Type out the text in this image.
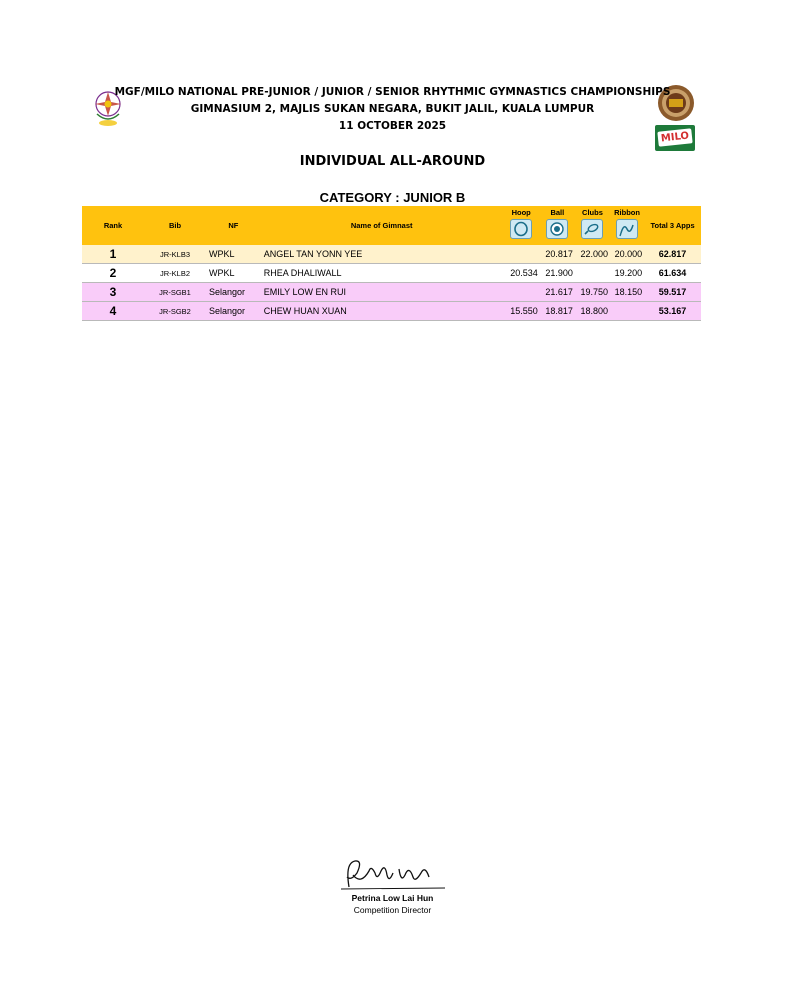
MILO
MGF/MILO NATIONAL PRE-JUNIOR / JUNIOR / SENIOR RHYTHMIC GYMNASTICS CHAMPIONSHIPS
GIMNASIUM 2, MAJLIS SUKAN NEGARA, BUKIT JALIL, KUALA LUMPUR
11 OCTOBER 2025
INDIVIDUAL ALL-AROUND
CATEGORY : JUNIOR B
Rank	Bib	NF	Name of Gimnast	Hoop	Ball	Clubs	Ribbon	Total 3 Apps
1	JR-KLB3	WPKL	ANGEL TAN YONN YEE		20.817	22.000	20.000	62.817
2	JR-KLB2	WPKL	RHEA DHALIWALL	20.534	21.900		19.200	61.634
3	JR-SGB1	Selangor	EMILY LOW EN RUI		21.617	19.750	18.150	59.517
4	JR-SGB2	Selangor	CHEW HUAN XUAN	15.550	18.817	18.800		53.167
Petrina Low Lai Hun
Competition Director
